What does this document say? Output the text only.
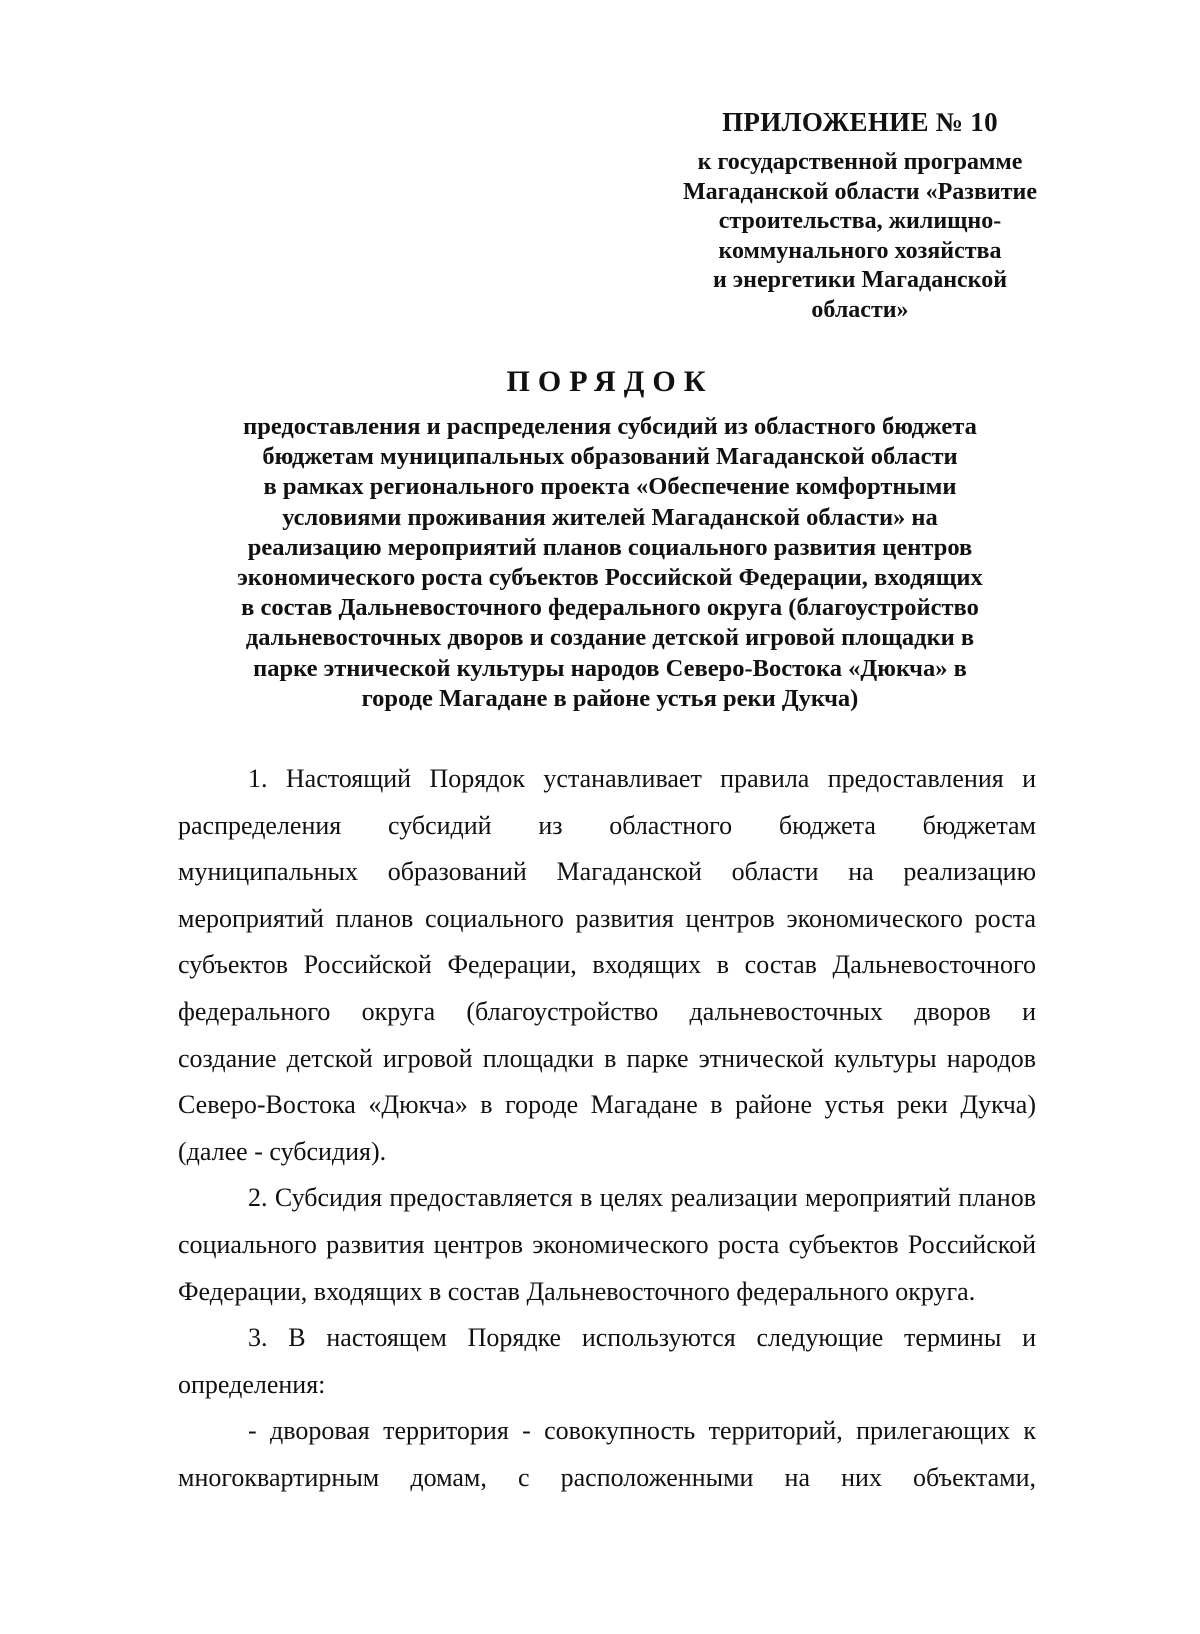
ПРИЛОЖЕНИЕ № 10

к государственной программе

Магаданской области «Развитие

строительства, жилищно-

коммунального хозяйства

и энергетики Магаданской

области»

ПОРЯДОК

предоставления и распределения субсидий из областного бюджета

бюджетам муниципальных образований Магаданской области

в рамках регионального проекта «Обеспечение комфортными

условиями проживания жителей Магаданской области» на

реализацию мероприятий планов социального развития центров

экономического роста субъектов Российской Федерации, входящих

в состав Дальневосточного федерального округа (благоустройство

дальневосточных дворов и создание детской игровой площадки в

парке этнической культуры народов Северо-Востока «Дюкча» в

городе Магадане в районе устья реки Дукча)

1. Настоящий Порядок устанавливает правила предоставления и

распределения субсидий из областного бюджета бюджетам

муниципальных образований Магаданской области на реализацию

мероприятий планов социального развития центров экономического роста

субъектов Российской Федерации, входящих в состав Дальневосточного

федерального округа (благоустройство дальневосточных дворов и

создание детской игровой площадки в парке этнической культуры народов

Северо-Востока «Дюкча» в городе Магадане в районе устья реки Дукча)

(далее - субсидия).

2. Субсидия предоставляется в целях реализации мероприятий планов

социального развития центров экономического роста субъектов Российской

Федерации, входящих в состав Дальневосточного федерального округа.

3. В настоящем Порядке используются следующие термины и

определения:

- дворовая территория - совокупность территорий, прилегающих к

многоквартирным домам, с расположенными на них объектами,
